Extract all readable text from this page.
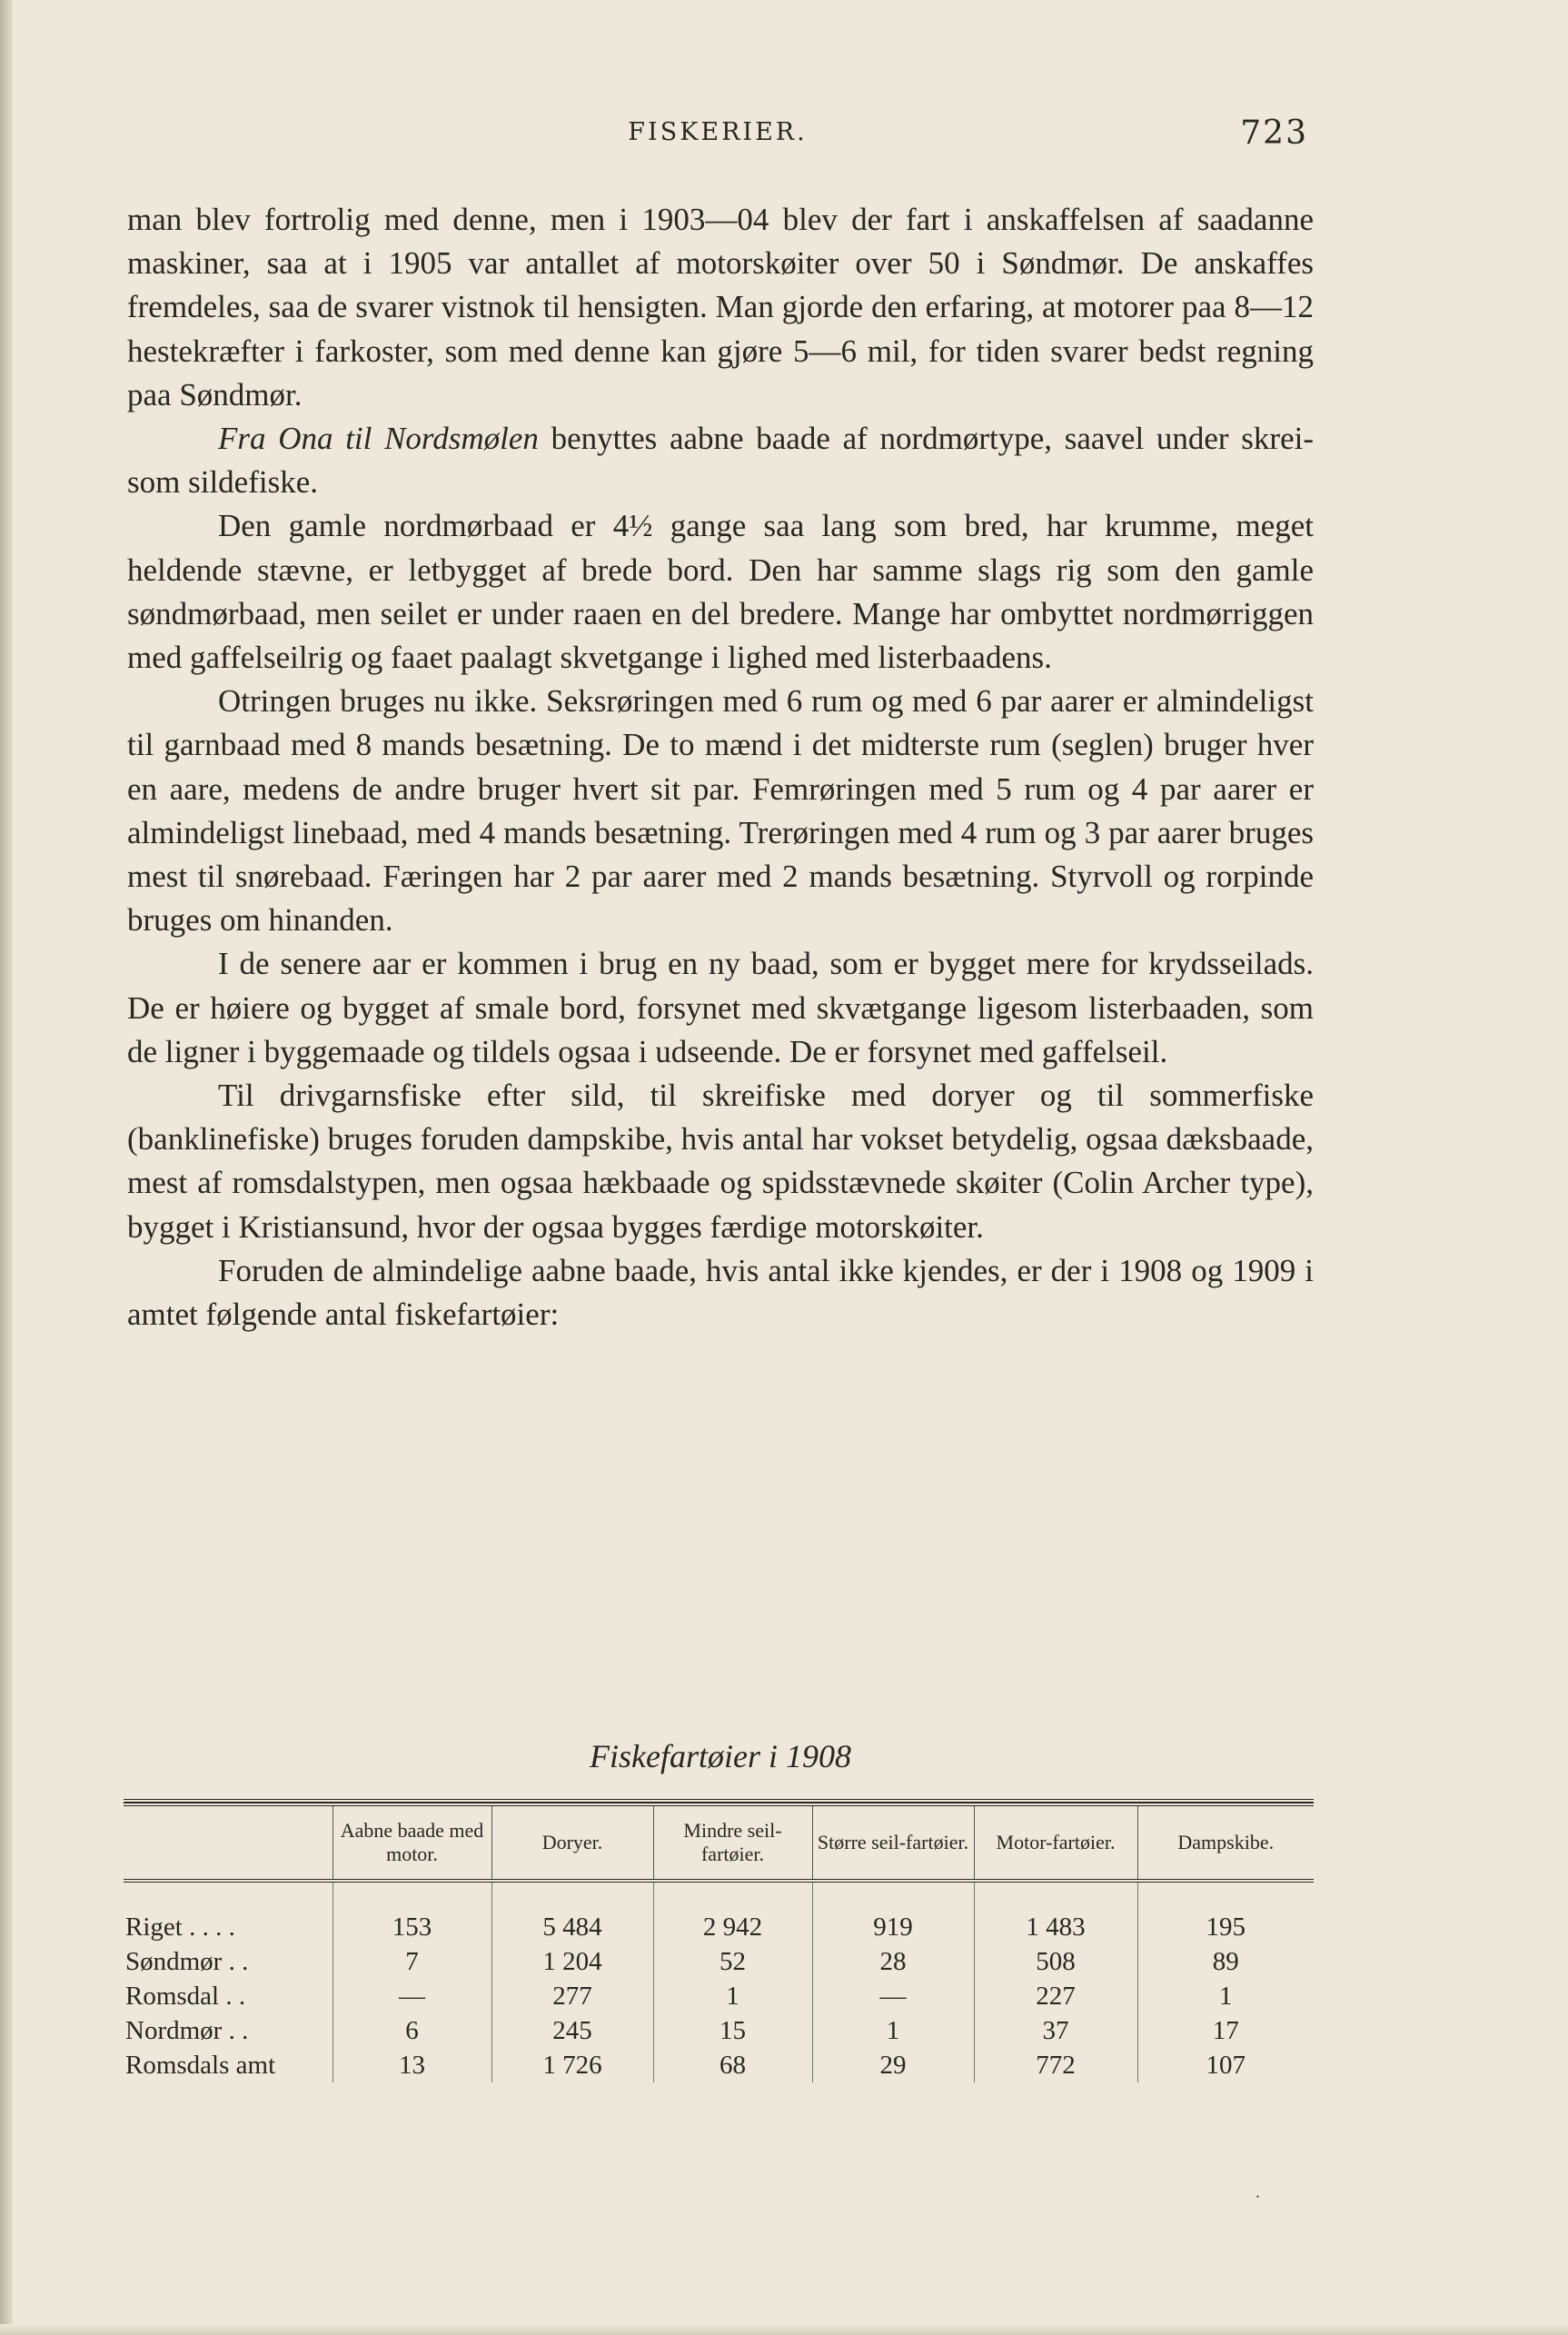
FISKERIER.	723

man blev fortrolig med denne, men i 1903—04 blev der fart i anskaffelsen af saadanne maskiner, saa at i 1905 var antallet af motorskøiter over 50 i Søndmør. De anskaffes fremdeles, saa de svarer vistnok til hensigten. Man gjorde den erfaring, at motorer paa 8—12 hestekræfter i farkoster, som med denne kan gjøre 5—6 mil, for tiden svarer bedst regning paa Søndmør.

Fra Ona til Nordsmølen benyttes aabne baade af nordmørtype, saavel under skrei- som sildefiske.

Den gamle nordmørbaad er 4½ gange saa lang som bred, har krumme, meget heldende stævne, er letbygget af brede bord. Den har samme slags rig som den gamle søndmørbaad, men seilet er under raaen en del bredere. Mange har ombyttet nordmørriggen med gaffelseilrig og faaet paalagt skvetgange i lighed med listerbaadens.

Otringen bruges nu ikke. Seksrøringen med 6 rum og med 6 par aarer er almindeligst til garnbaad med 8 mands besætning. De to mænd i det midterste rum (seglen) bruger hver en aare, medens de andre bruger hvert sit par. Femrøringen med 5 rum og 4 par aarer er almindeligst linebaad, med 4 mands besætning. Trerøringen med 4 rum og 3 par aarer bruges mest til snørebaad. Færingen har 2 par aarer med 2 mands besætning. Styrvoll og rorpinde bruges om hinanden.

I de senere aar er kommen i brug en ny baad, som er bygget mere for krydsseilads. De er høiere og bygget af smale bord, forsynet med skvætgange ligesom listerbaaden, som de ligner i byggemaade og tildels ogsaa i udseende. De er forsynet med gaffelseil.

Til drivgarnsfiske efter sild, til skreifiske med doryer og til sommerfiske (banklinefiske) bruges foruden dampskibe, hvis antal har vokset betydelig, ogsaa dæksbaade, mest af romsdalstypen, men ogsaa hækbaade og spidsstævnede skøiter (Colin Archer type), bygget i Kristiansund, hvor der ogsaa bygges færdige motorskøiter.

Foruden de almindelige aabne baade, hvis antal ikke kjendes, er der i 1908 og 1909 i amtet følgende antal fiskefartøier:

Fiskefartøier i 1908

	Aabne baade med motor.	Doryer.	Mindre seil-fartøier.	Større seil-fartøier.	Motor-fartøier.	Dampskibe.

Riget . . . .	153	5 484	2 942	919	1 483	195
Søndmør . .	7	1 204	52	28	508	89
Romsdal . .	—	277	1	—	227	1
Nordmør . .	6	245	15	1	37	17
Romsdals amt	13	1 726	68	29	772	107
·
